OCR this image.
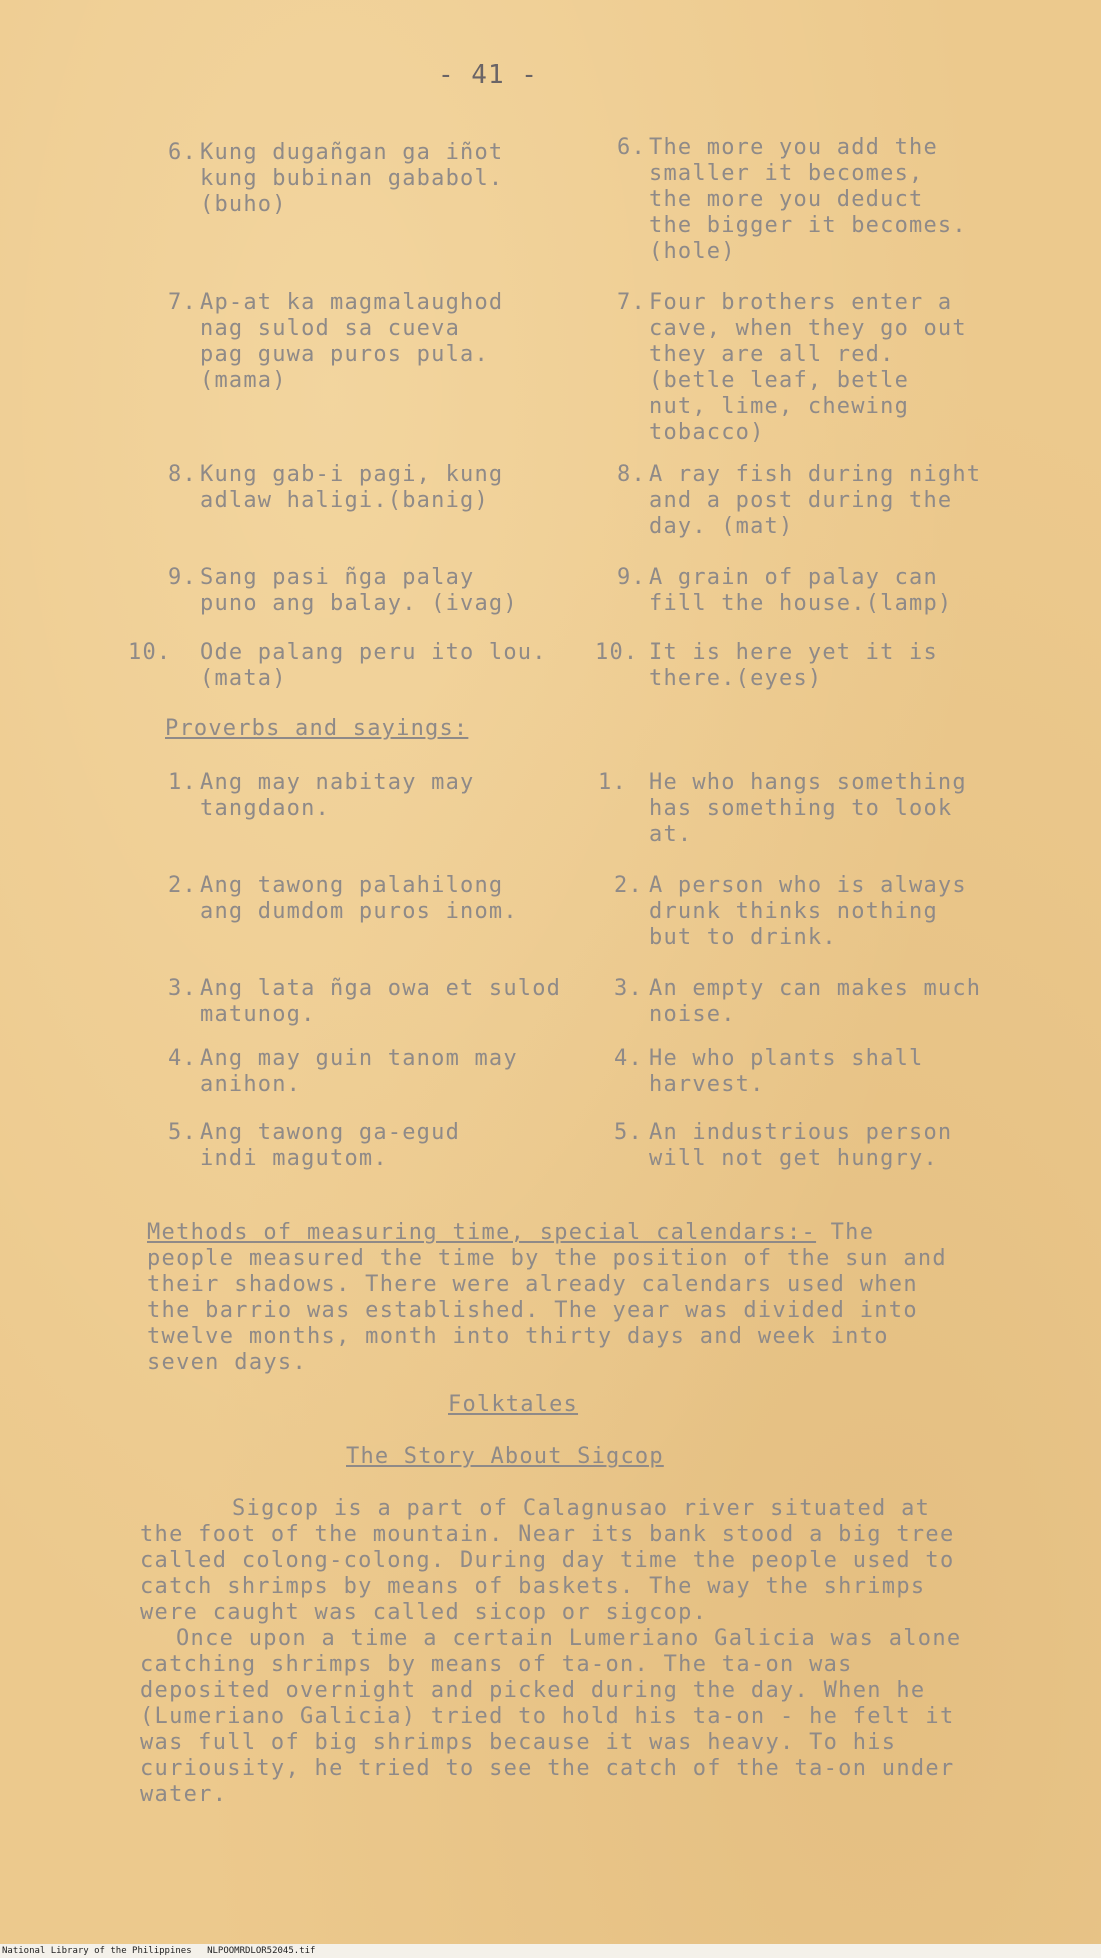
- 41 -
6. Kung dugañgan ga iñot
kung bubinan gababol.
(buho)
6. The more you add the
smaller it becomes,
the more you deduct
the bigger it becomes.
(hole)
7. Ap-at ka magmalaughod
nag sulod sa cueva
pag guwa puros pula.
(mama)
7. Four brothers enter a
cave, when they go out
they are all red.
(betle leaf, betle
nut, lime, chewing
tobacco)
8. Kung gab-i pagi, kung
adlaw haligi.(banig)
8. A ray fish during night
and a post during the
day. (mat)
9. Sang pasi ñga palay
puno ang balay. (ivag)
9. A grain of palay can
fill the house.(lamp)
10. Ode palang peru ito lou.
(mata)
10. It is here yet it is
there.(eyes)
Proverbs and sayings:
1. Ang may nabitay may
tangdaon.
1. He who hangs something
has something to look
at.
2. Ang tawong palahilong
ang dumdom puros inom.
2. A person who is always
drunk thinks nothing
but to drink.
3. Ang lata ñga owa et sulod
matunog.
3. An empty can makes much
noise.
4. Ang may guin tanom may
anihon.
4. He who plants shall
harvest.
5. Ang tawong ga-egud
indi magutom.
5. An industrious person
will not get hungry.
Methods of measuring time, special calendars:- The people measured the time by the position of the sun and their shadows. There were already calendars used when the barrio was established. The year was divided into twelve months, month into thirty days and week into seven days.
Folktales
The Story About Sigcop
Sigcop is a part of Calagnusao river situated at the foot of the mountain. Near its bank stood a big tree called colong-colong. During day time the people used to catch shrimps by means of baskets. The way the shrimps were caught was called sicop or sigcop.
Once upon a time a certain Lumeriano Galicia was alone catching shrimps by means of ta-on. The ta-on was deposited overnight and picked during the day. When he (Lumeriano Galicia) tried to hold his ta-on - he felt it was full of big shrimps because it was heavy. To his curiousity, he tried to see the catch of the ta-on under water.
National Library of the Philippines NLPOOMRDLOR52045.tif
